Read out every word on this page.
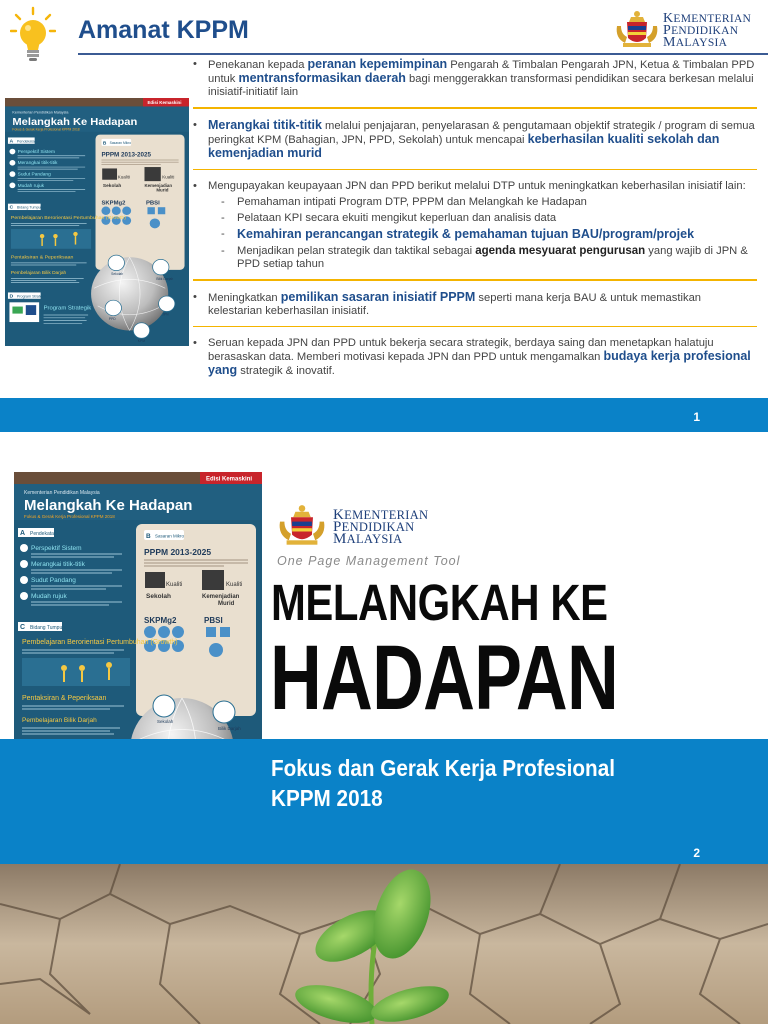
Amanat KPPM	KEMENTERIAN
PENDIDIKAN
MALAYSIA
• Penekanan kepada peranan kepemimpinan Pengarah & Timbalan Pengarah JPN, Ketua & Timbalan PPD untuk mentransformasikan daerah bagi menggerakkan transformasi pendidikan secara berkesan melalui inisiatif-initiatif lain

• Merangkai titik-titik melalui penjajaran, penyelarasan & pengutamaan objektif strategik / program di semua peringkat KPM (Bahagian, JPN, PPD, Sekolah) untuk mencapai keberhasilan kualiti sekolah dan kemenjadian murid

• Mengupayakan keupayaan JPN dan PPD berikut melalui DTP untuk meningkatkan keberhasilan inisiatif lain:

- Pemahaman intipati Program DTP, PPPM dan Melangkah ke Hadapan
- Pelataan KPI secara ekuiti mengikut keperluan dan analisis data
- Kemahiran perancangan strategik & pemahaman tujuan BAU/program/projek
- Menjadikan pelan strategik dan taktikal sebagai agenda mesyuarat pengurusan yang wajib di JPN & PPD setiap tahun
• Meningkatkan pemilikan sasaran inisiatif PPPM seperti mana kerja BAU & untuk memastikan kelestarian keberhasilan inisiatif.

• Seruan kepada JPN dan PPD untuk bekerja secara strategik, berdaya saing dan menetapkan halatuju berasaskan data. Memberi motivasi kepada JPN dan PPD untuk mengamalkan budaya kerja profesional yang strategik & inovatif.

1
KEMENTERIAN
PENDIDIKAN
MALAYSIA
One Page Management Tool
MELANGKAH KE
HADAPAN
Fokus dan Gerak Kerja Profesional
KPPM 2018
2
